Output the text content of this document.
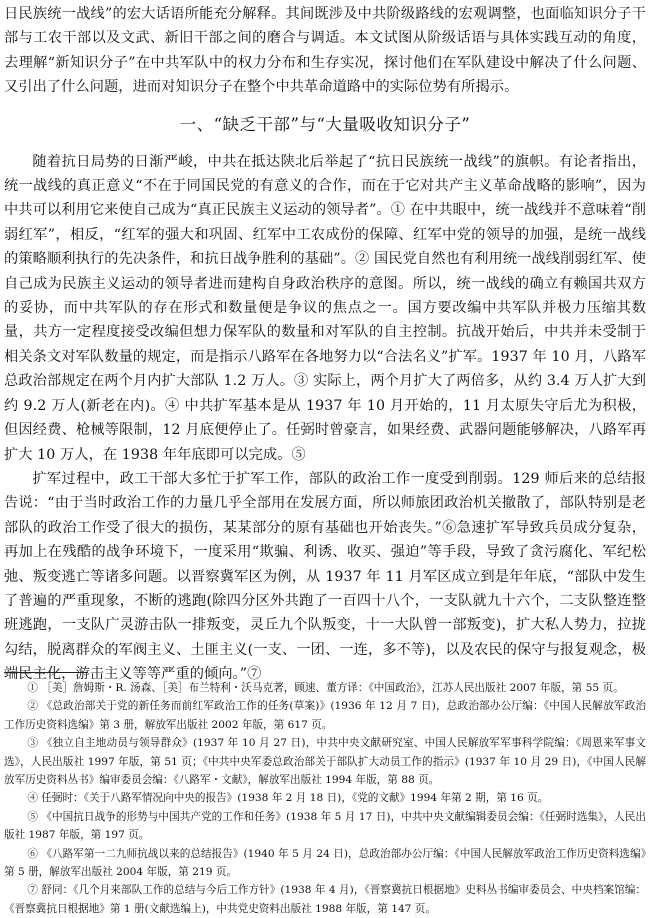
日民族统一战线”的宏大话语所能充分解释。其间既涉及中共阶级路线的宏观调整，也面临知识分子干部与工农干部以及文武、新旧干部之间的磨合与调适。本文试图从阶级话语与具体实践互动的角度，去理解“新知识分子”在中共军队中的权力分布和生存实况，探讨他们在军队建设中解决了什么问题、又引出了什么问题，进而对知识分子在整个中共革命道路中的实际位势有所揭示。

一、“缺乏干部”与“大量吸收知识分子”

随着抗日局势的日渐严峻，中共在抵达陕北后举起了“抗日民族统一战线”的旗帜。有论者指出，统一战线的真正意义“不在于同国民党的有意义的合作，而在于它对共产主义革命战略的影响”，因为中共可以利用它来使自己成为“真正民族主义运动的领导者”。① 在中共眼中，统一战线并不意味着“削弱红军”，相反，“红军的强大和巩固、红军中工农成份的保障、红军中党的领导的加强，是统一战线的策略顺利执行的先决条件，和抗日战争胜利的基础”。② 国民党自然也有利用统一战线削弱红军、使自己成为民族主义运动的领导者进而建构自身政治秩序的意图。所以，统一战线的确立有赖国共双方的妥协，而中共军队的存在形式和数量便是争议的焦点之一。国方要改编中共军队并极力压缩其数量，共方一定程度接受改编但想力保军队的数量和对军队的自主控制。抗战开始后，中共并未受制于相关条文对军队数量的规定，而是指示八路军在各地努力以“合法名义”扩军。1937 年 10 月，八路军总政治部规定在两个月内扩大部队 1.2 万人。③ 实际上，两个月扩大了两倍多，从约 3.4 万人扩大到约 9.2 万人(新老在内)。④ 中共扩军基本是从 1937 年 10 月开始的，11 月太原失守后尤为积极，但因经费、枪械等限制，12 月底便停止了。任弼时曾豪言，如果经费、武器问题能够解决，八路军再扩大 10 万人，在 1938 年年底即可以完成。⑤

扩军过程中，政工干部大多忙于扩军工作，部队的政治工作一度受到削弱。129 师后来的总结报告说：“由于当时政治工作的力量几乎全部用在发展方面，所以师旅团政治机关撤散了，部队特别是老部队的政治工作受了很大的损伤，某某部分的原有基础也开始丧失。”⑥急速扩军导致兵员成分复杂，再加上在残酷的战争环境下，一度采用“欺骗、利诱、收买、强迫”等手段，导致了贪污腐化、军纪松弛、叛变逃亡等诸多问题。以晋察冀军区为例，从 1937 年 11 月军区成立到是年年底，“部队中发生了普遍的严重现象，不断的逃跑(除四分区外共跑了一百四十八个，一支队就九十六个，二支队整连整班逃跑，一支队广灵游击队一排叛变，灵丘九个队叛变，十一大队曾一部叛变)，扩大私人势力，拉拢勾结，脱离群众的军阀主义、土匪主义(一支、一团、一连，多不等)，以及农民的保守与报复观念，极端民主化，游击主义等等严重的倾向。”⑦

① ［美］詹姆斯・R. 汤森、［美］布兰特利・沃马克著，顾速、董方译：《中国政治》，江苏人民出版社 2007 年版，第 55 页。

② 《总政治部关于党的新任务而前红军政治工作的任务(草案)》(1936 年 12 月 7 日)，总政治部办公厅编：《中国人民解放军政治工作历史资料选编》第 3 册，解放军出版社 2002 年版，第 617 页。

③ 《独立自主地动员与领导群众》(1937 年 10 月 27 日)，中共中央文献研究室、中国人民解放军军事科学院编：《周恩来军事文选》，人民出版社 1997 年版，第 51 页；《中共中央军委总政治部关于部队扩大动员工作的指示》(1937 年 10 月 29 日)，《中国人民解放军历史资料丛书》编审委员会编：《八路军・文献》，解放军出版社 1994 年版，第 88 页。

④ 任弼时：《关于八路军情况向中央的报告》(1938 年 2 月 18 日)，《党的文献》1994 年第 2 期，第 16 页。

⑤ 《中国抗日战争的形势与中国共产党的工作和任务》(1938 年 5 月 17 日)，中共中央文献编辑委员会编：《任弼时选集》，人民出版社 1987 年版，第 197 页。

⑥ 《八路军第一二九师抗战以来的总结报告》(1940 年 5 月 24 日)，总政治部办公厅编：《中国人民解放军政治工作历史资料选编》第 5 册，解放军出版社 2004 年版，第 219 页。

⑦ 舒同：《几个月来部队工作的总结与今后工作方针》(1938 年 4 月)，《晋察冀抗日根据地》史料丛书编审委员会、中央档案馆编：《晋察冀抗日根据地》第 1 册(文献选编上)，中共党史资料出版社 1988 年版，第 147 页。
